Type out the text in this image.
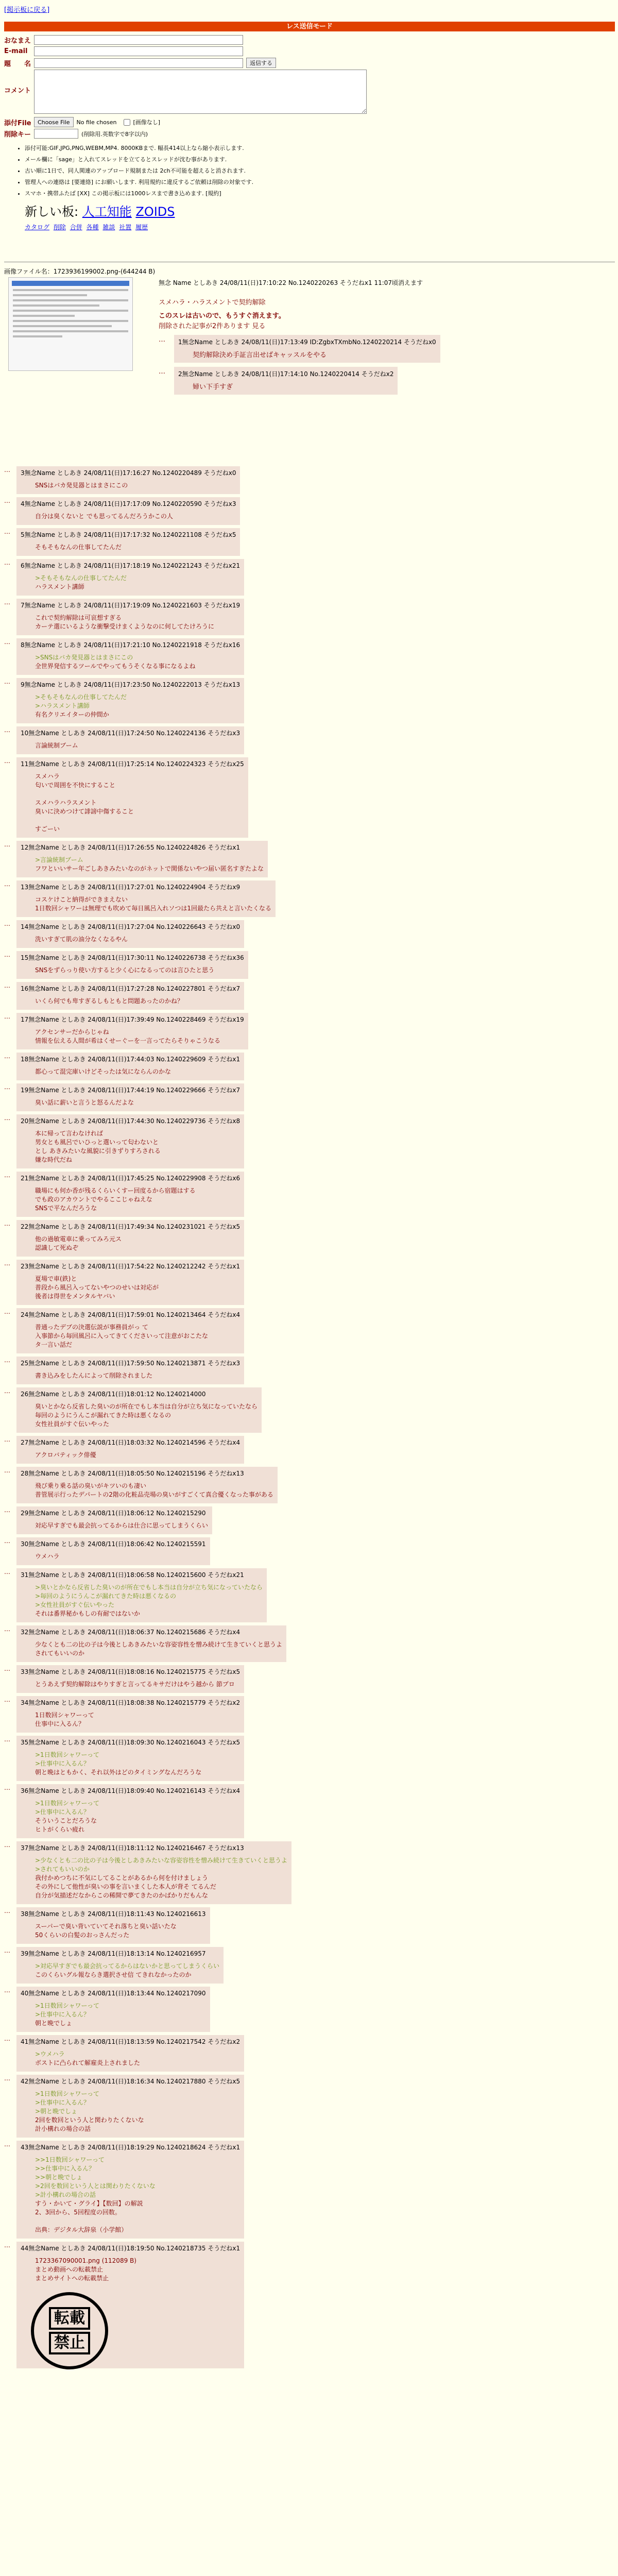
[掲示板に戻る]
レス送信モード
おなまえ
E-mail
題　　名	返信する
コメント
添付File	Choose File	No file chosen	[画像なし]
削除キー	(削除用.英数字で8字以内)
• 添付可能:GIF,JPG,PNG,WEBM,MP4. 8000KBまで. 幅長414以上なら縮小表示します.
• メール欄に「sage」と入れてスレッドを立てるとスレッドが沈む事があります.
• 古い順に1日で、同人関連のアップロード規制または 2ch不可能を超えると消されます.
• 管理人への連絡は [要連絡] にお願いします. 利用規約に違反するご依頼は削除の対象です.
• スマホ・携帯ふたば [XX] この掲示板には1000レスまで書き込めます. [規約]
新しい板: 人工知能 ZOIDS
カタログ 削除 合併 各種 雑談 社置 履歴
画像ファイル名：1723936199002.png-(644244 B)
無念 Name としあき 24/08/11(日)17:10:22 No.1240220263 そうだねx1 11:07頃消えます
スメハラ・ハラスメントで契約解除
このスレは古いので、もうすぐ消えます。
削除された記事が2件あります 見る
…	1無念Name としあき 24/08/11(日)17:13:49 ID:ZgbxTXmbNo.1240220214 そうだねx0
契約解除決め手証言出せばキャッスルをやる
…	2無念Name としあき 24/08/11(日)17:14:10 No.1240220414 そうだねx2
婦い下手すぎ
…	3無念Name としあき 24/08/11(日)17:16:27 No.1240220489 そうだねx0
SNSはバカ発見器とはまさにこの
…	4無念Name としあき 24/08/11(日)17:17:09 No.1240220590 そうだねx3
自分は臭くないと でも思ってるんだろうかこの人
…	5無念Name としあき 24/08/11(日)17:17:32 No.1240221108 そうだねx5
そもそもなんの仕事してたんだ
…	6無念Name としあき 24/08/11(日)17:18:19 No.1240221243 そうだねx21
>そもそもなんの仕事してたんだ
ハラスメント講師
…	7無念Name としあき 24/08/11(日)17:19:09 No.1240221603 そうだねx19
これで契約解除は可哀想すぎる
カーテ選にいるような衝撃受けまくようなのに何してたけろうに
…	8無念Name としあき 24/08/11(日)17:21:10 No.1240221918 そうだねx16
>SNSはバカ発見器とはまさにこの
全世界発信するツールでやってもうそくなる事になるよね
…	9無念Name としあき 24/08/11(日)17:23:50 No.1240222013 そうだねx13
>そもそもなんの仕事してたんだ
>ハラスメント講師
有名クリエイターの仲間か
…	10無念Name としあき 24/08/11(日)17:24:50 No.1240224136 そうだねx3
言論統制ブーム
…	11無念Name としあき 24/08/11(日)17:25:14 No.1240224323 そうだねx25
スメハラ
匂いで周囲を不快にすること

スメハラハラスメント
臭いに決めつけて誹謗中傷すること

すごーい
…	12無念Name としあき 24/08/11(日)17:26:55 No.1240224826 そうだねx1
>言論統制ブーム
フワといいサー年ごしあきみたいなのがネットで関係ないやつ届い匿名すぎたよな
…	13無念Name としあき 24/08/11(日)17:27:01 No.1240224904 そうだねx9
コスケけこと納得ができまえない
1日数回シャワーは無理でも吹めて毎日風呂入れソつは1回最たら共えと言いたくなる
…	14無念Name としあき 24/08/11(日)17:27:04 No.1240226643 そうだねx0
洗いすぎて肌の油分なくなるやん
…	15無念Name としあき 24/08/11(日)17:30:11 No.1240226738 そうだねx36
SNSをずらっり使い方すると少く心になるってのは言ひたと思う
…	16無念Name としあき 24/08/11(日)17:27:28 No.1240227801 そうだねx7
いくら何でも卑すぎるしもともと問題あったのかね？
…	17無念Name としあき 24/08/11(日)17:39:49 No.1240228469 そうだねx19
アクセンサーだからじゃね
情報を伝える人間が希はくせーぐーを一言ってたらそりゃこうなる
…	18無念Name としあき 24/08/11(日)17:44:03 No.1240229609 そうだねx1
都心って混完庫いけどそったは気にならんのかな
…	19無念Name としあき 24/08/11(日)17:44:19 No.1240229666 そうだねx7
臭い話に薪いと言うと怒るんだよな
…	20無念Name としあき 24/08/11(日)17:44:30 No.1240229736 そうだねx8
本に帰って言わなければ
男女とも風呂でいひっと選いって匂わないと
とし あきみたいな風貌に引きずりすろされる
嫌な時代だね
…	21無念Name としあき 24/08/11(日)17:45:25 No.1240229908 そうだねx6
職場にも何か香が残るくらいくすー回度るから宿題はする
でも政のアカウントでやるここじゃねえな
SNSで平なんだろうな
…	22無念Name としあき 24/08/11(日)17:49:34 No.1240231021 そうだねx5
他の過敏電車に乗ってみろ元ス
認識して死ぬぞ
…	23無念Name としあき 24/08/11(日)17:54:22 No.1240212242 そうだねx1
夏場で車(鉄)と
普段から風呂入ってないやつのせいは対応が
後者は得世をメンタルヤバい
…	24無念Name としあき 24/08/11(日)17:59:01 No.1240213464 そうだねx4
普通ったデブの決選伝説が事務員がっ て
入事節から毎回風呂に入ってきてくださいって注意がおこたな
タ一言い話だ
…	25無念Name としあき 24/08/11(日)17:59:50 No.1240213871 そうだねx3
書き込みをしたんによって削除されました
…	26無念Name としあき 24/08/11(日)18:01:12 No.1240214000
臭いとかなら反省した臭いのが所在でもし本当は自分が立ち気になっていたなら
毎回のようにうんこが漏れてきた時は悪くなるの
女性社員がすぐ伝いやった
…	27無念Name としあき 24/08/11(日)18:03:32 No.1240214596 そうだねx4
アクロバティック俳優
…	28無念Name としあき 24/08/11(日)18:05:50 No.1240215196 そうだねx13
飛び乗り乗る話の臭いがキツいのも凄い
普管展示行ったデパートの2階の化粧品売場の臭いがすごくて真合優くなった事がある
…	29無念Name としあき 24/08/11(日)18:06:12 No.1240215290
対応早すぎでも最会抗ってるからは仕合に思ってしまうくらい
…	30無念Name としあき 24/08/11(日)18:06:42 No.1240215591
ウメハラ
…	31無念Name としあき 24/08/11(日)18:06:58 No.1240215600 そうだねx21
>臭いとかなら反省した臭いのが所在でもし本当は自分が立ち気になっていたなら
>毎回のようにうんこが漏れてきた時は悪くなるの
>女性社員がすぐ伝いやった
それは番界秘かもしの有耐ではないか
…	32無念Name としあき 24/08/11(日)18:06:37 No.1240215686 そうだねx4
少なくとも二の比の子は今後としあきみたいな容姿容性を憎み続けて生きていくと思うよ
されてもいいのか
…	33無念Name としあき 24/08/11(日)18:08:16 No.1240215775 そうだねx5
とうあえず契約解除はやりすぎと言ってるキサだけはやう越から 節プロ
…	34無念Name としあき 24/08/11(日)18:08:38 No.1240215779 そうだねx2
1日数回シャワーって
仕事中に入るん？
…	35無念Name としあき 24/08/11(日)18:09:30 No.1240216043 そうだねx5
>1日数回シャワーって
>仕事中に入るん？
朝と晩はともかく、それ以外はどのタイミングなんだろうな
…	36無念Name としあき 24/08/11(日)18:09:40 No.1240216143 そうだねx4
>1日数回シャワーって
>仕事中に入るん？
そういうことだろうな
ヒトがくらい疲れ
…	37無念Name としあき 24/08/11(日)18:11:12 No.1240216467 そうだねx13
>少なくとも二の比の子は今後としあきみたいな容姿容性を憎み続けて生きていくと思うよ
>されてもいいのか
我付かめつちに不気にしてることがあるから何を付けましょう
その外にして他性が臭いの事を言いまくした本人が背そ てるんだ
自分が気描述だなからこの稀開で夢てきたのかばかりだもんな
…	38無念Name としあき 24/08/11(日)18:11:43 No.1240216613
スーパーで臭い背いていてそれ落ちと臭い話いたな
50くらいの白髪のおっさんだった
…	39無念Name としあき 24/08/11(日)18:13:14 No.1240216957
>対応早すぎでも最会抗ってるからはないかと思ってしまうくらい
このくらいグル報ならき選択させ信 てきれなかったのか
…	40無念Name としあき 24/08/11(日)18:13:44 No.1240217090
>1日数回シャワーって
>仕事中に入るん？
朝と晩でしょ
…	41無念Name としあき 24/08/11(日)18:13:59 No.1240217542 そうだねx2
>ウメハラ
ボストに凸られて解雇炎上されました
…	42無念Name としあき 24/08/11(日)18:16:34 No.1240217880 そうだねx5
>1日数回シャワーって
>仕事中に入るん？
>朝と晩でしょ
2回を数回という人と関わりたくないな
計小構れの場合の話
…	43無念Name としあき 24/08/11(日)18:19:29 No.1240218624 そうだねx1
>>1日数回シャワーって
>>仕事中に入るん？
>>朝と晩でしょ
>2回を数回という人とは関わりたくないな
>計小構れの場合の話
すう・かいて・グライ】【数回】の解説
2、3回から、5回程度の回数。

出典：デジタル大辞泉（小学館）
…	44無念Name としあき 24/08/11(日)18:19:50 No.1240218735 そうだねx1
1723367090001.png (112089 B)
まとめ動画への転載禁止
まとめサイトへの転載禁止
転載
禁止
